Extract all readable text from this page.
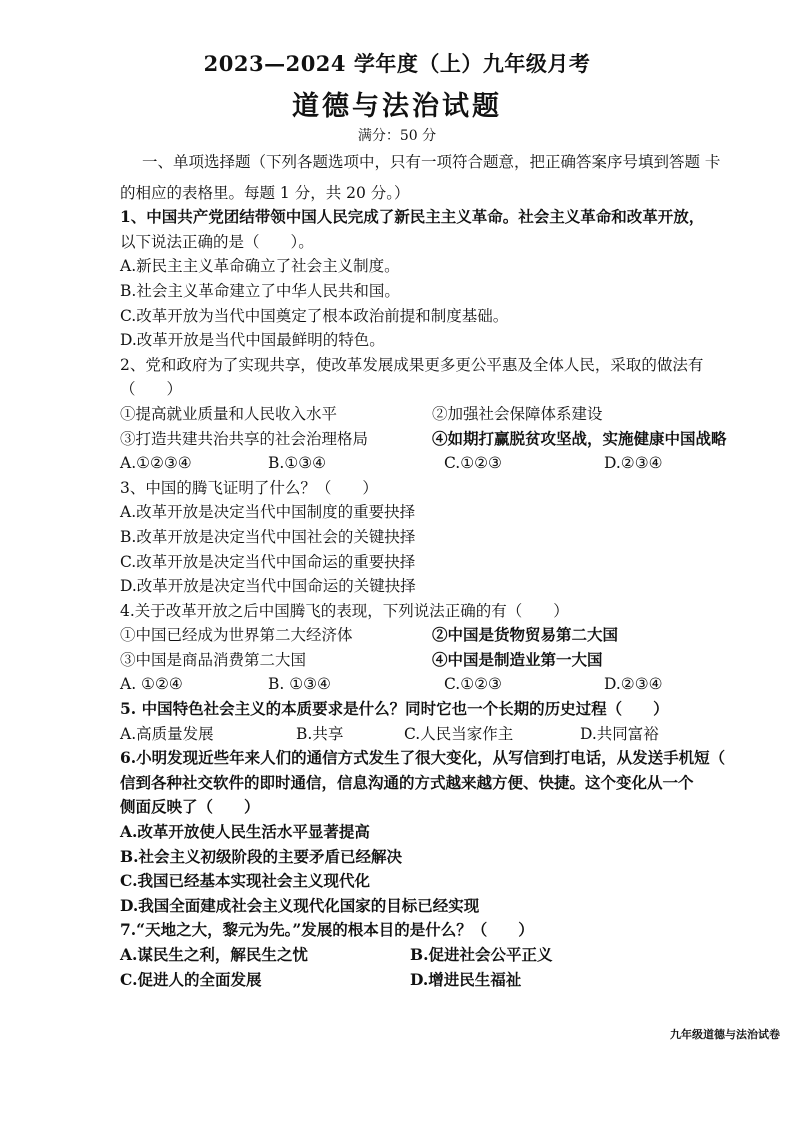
2023—2024 学年度（上）九年级月考
道德与法治试题
满分：50 分
一、单项选择题（下列各题选项中，只有一项符合题意，把正确答案序号填到答题 卡
的相应的表格里。每题 1 分，共 20 分。）
1、中国共产党团结带领中国人民完成了新民主主义革命。社会主义革命和改革开放，
以下说法正确的是（　　）。
A.新民主主义革命确立了社会主义制度。
B.社会主义革命建立了中华人民共和国。
C.改革开放为当代中国奠定了根本政治前提和制度基础。
D.改革开放是当代中国最鲜明的特色。
2、党和政府为了实现共享，使改革发展成果更多更公平惠及全体人民，采取的做法有
（　　）
①提高就业质量和人民收入水平	②加强社会保障体系建设
③打造共建共治共享的社会治理格局	④如期打赢脱贫攻坚战，实施健康中国战略
A.①②③④	B.①③④	C.①②③	D.②③④
3、中国的腾飞证明了什么？（　　）
A.改革开放是决定当代中国制度的重要抉择
B.改革开放是决定当代中国社会的关键抉择
C.改革开放是决定当代中国命运的重要抉择
D.改革开放是决定当代中国命运的关键抉择
4.关于改革开放之后中国腾飞的表现，下列说法正确的有（　　）
①中国已经成为世界第二大经济体	②中国是货物贸易第二大国
③中国是商品消费第二大国	④中国是制造业第一大国
A. ①②④	B. ①③④	C.①②③	D.②③④
5. 中国特色社会主义的本质要求是什么？同时它也一个长期的历史过程（　　）
A.高质量发展	B.共享	C.人民当家作主	D.共同富裕
6.小明发现近些年来人们的通信方式发生了很大变化，从写信到打电话，从发送手机短（
信到各种社交软件的即时通信，信息沟通的方式越来越方便、快捷。这个变化从一个
侧面反映了（　　）
A.改革开放使人民生活水平显著提高
B.社会主义初级阶段的主要矛盾已经解决
C.我国已经基本实现社会主义现代化
D.我国全面建成社会主义现代化国家的目标已经实现
7.“天地之大，黎元为先。”发展的根本目的是什么？（　　）
A.谋民生之利，解民生之忧	B.促进社会公平正义
C.促进人的全面发展	D.增进民生福祉
九年级道德与法治试卷
